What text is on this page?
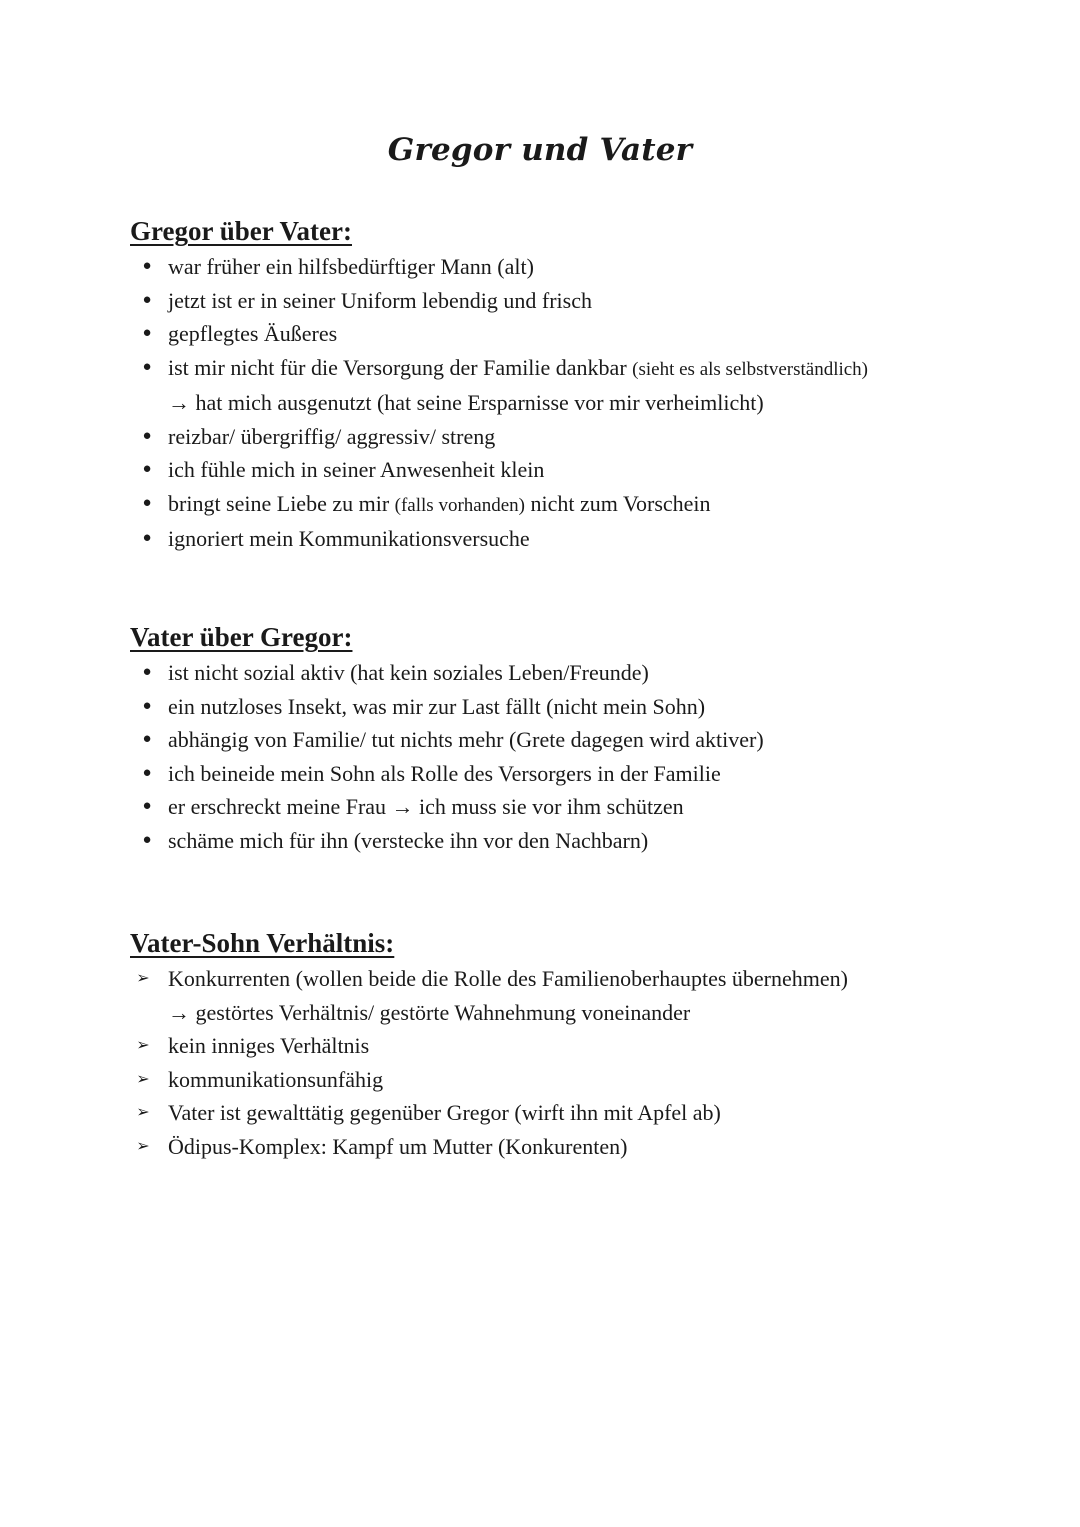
Gregor und Vater
Gregor über Vater:
● war früher ein hilfsbedürftiger Mann (alt)
● jetzt ist er in seiner Uniform lebendig und frisch
● gepflegtes Äußeres
● ist mir nicht für die Versorgung der Familie dankbar (sieht es als selbstverständlich)
→ hat mich ausgenutzt (hat seine Ersparnisse vor mir verheimlicht)
● reizbar/ übergriffig/ aggressiv/ streng
● ich fühle mich in seiner Anwesenheit klein
● bringt seine Liebe zu mir (falls vorhanden) nicht zum Vorschein
● ignoriert mein Kommunikationsversuche
Vater über Gregor:
● ist nicht sozial aktiv (hat kein soziales Leben/Freunde)
● ein nutzloses Insekt, was mir zur Last fällt (nicht mein Sohn)
● abhängig von Familie/ tut nichts mehr (Grete dagegen wird aktiver)
● ich beineide mein Sohn als Rolle des Versorgers in der Familie
● er erschreckt meine Frau → ich muss sie vor ihm schützen
● schäme mich für ihn (verstecke ihn vor den Nachbarn)
Vater-Sohn Verhältnis:
➢ Konkurrenten (wollen beide die Rolle des Familienoberhauptes übernehmen)
→ gestörtes Verhältnis/ gestörte Wahnehmung voneinander
➢ kein inniges Verhältnis
➢ kommunikationsunfähig
➢ Vater ist gewalttätig gegenüber Gregor (wirft ihn mit Apfel ab)
➢ Ödipus-Komplex: Kampf um Mutter (Konkurenten)
